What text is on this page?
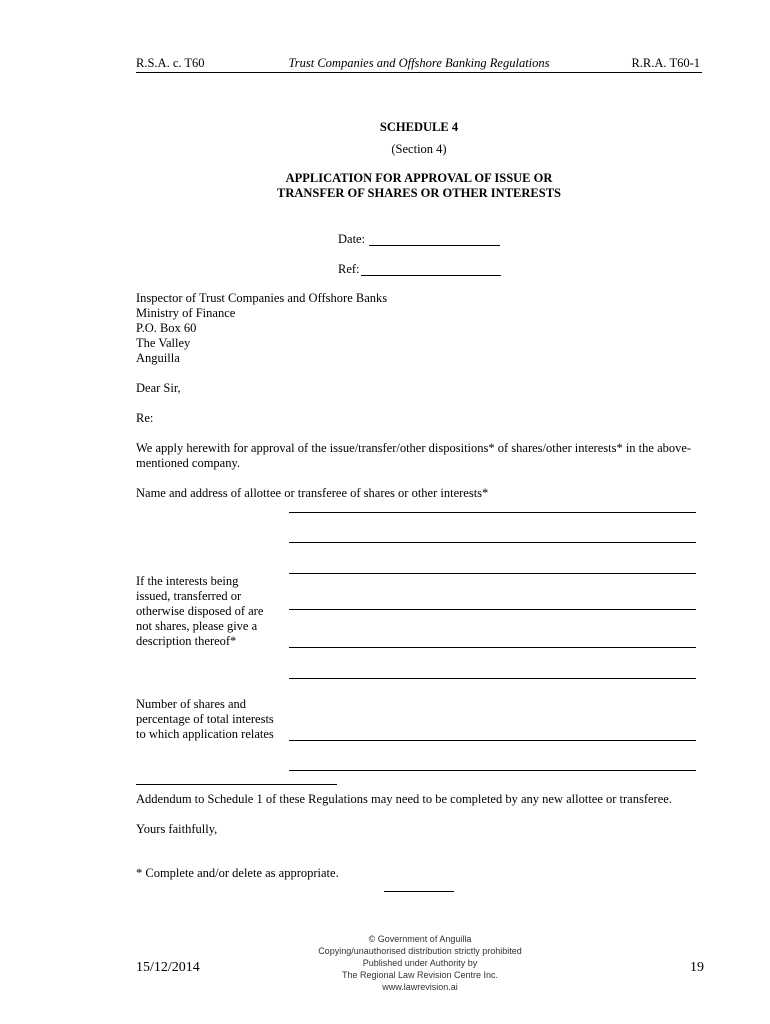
R.S.A. c. T60	Trust Companies and Offshore Banking Regulations	R.R.A. T60-1
SCHEDULE 4
(Section 4)
APPLICATION FOR APPROVAL OF ISSUE OR
TRANSFER OF SHARES OR OTHER INTERESTS
Date:
Ref:
Inspector of Trust Companies and Offshore Banks
Ministry of Finance
P.O. Box 60
The Valley
Anguilla
Dear Sir,
Re:
We apply herewith for approval of the issue/transfer/other dispositions* of shares/other interests* in the above-mentioned company.
Name and address of allottee or transferee of shares or other interests*
If the interests being
issued, transferred or
otherwise disposed of are
not shares, please give a
description thereof*
Number of shares and
percentage of total interests
to which application relates
Addendum to Schedule 1 of these Regulations may need to be completed by any new allottee or transferee.
Yours faithfully,
* Complete and/or delete as appropriate.
15/12/2014
© Government of Anguilla
Copying/unauthorised distribution strictly prohibited
Published under Authority by
The Regional Law Revision Centre Inc.
www.lawrevision.ai
19
